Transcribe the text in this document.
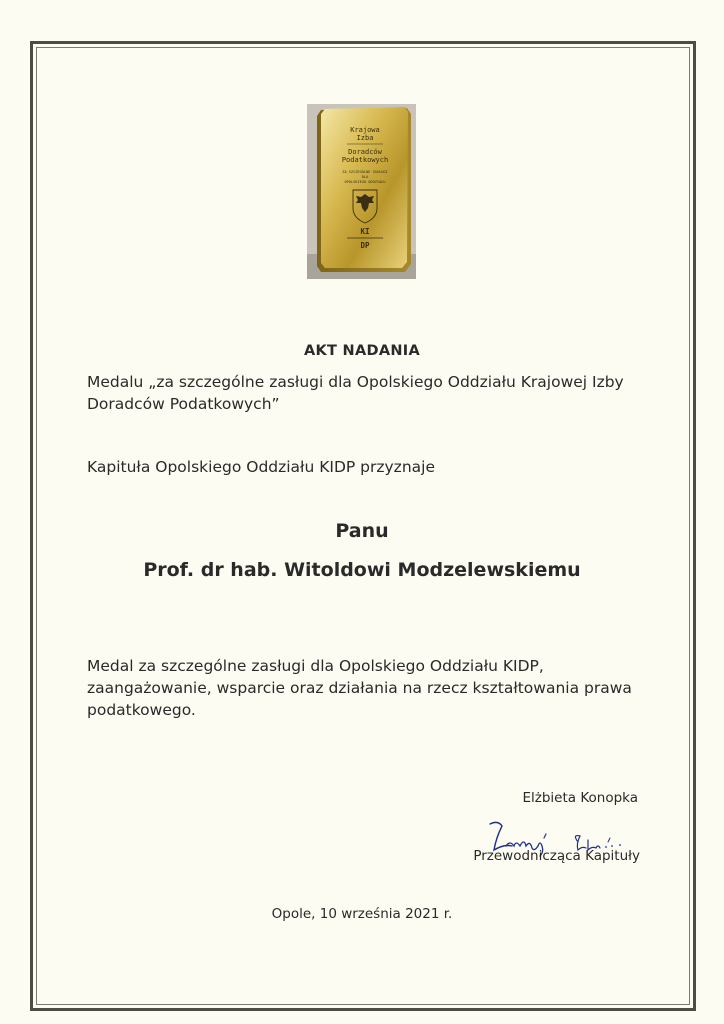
Krajowa
Izba
Doradców
Podatkowych
ZA SZCZEGÓLNE ZASŁUGI
DLA
OPOLSKIEGO ODDZIAŁU
KI
DP
AKT NADANIA
Medalu „za szczególne zasługi dla Opolskiego Oddziału Krajowej Izby
Doradców Podatkowych”
Kapituła Opolskiego Oddziału KIDP przyznaje
Panu
Prof. dr hab. Witoldowi Modzelewskiemu
Medal za szczególne zasługi dla Opolskiego Oddziału KIDP,
zaangażowanie, wsparcie oraz działania na rzecz kształtowania prawa
podatkowego.
Elżbieta Konopka
Przewodnicząca Kapituły
Opole, 10 września 2021 r.
